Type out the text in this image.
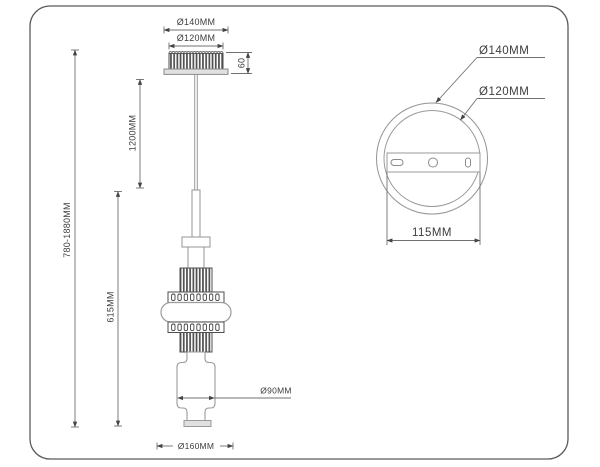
Ø140MM
Ø120MM
60
780-1880MM
1200MM
615MM
Ø90MM
Ø160MM
Ø140MM
Ø120MM
115MM
